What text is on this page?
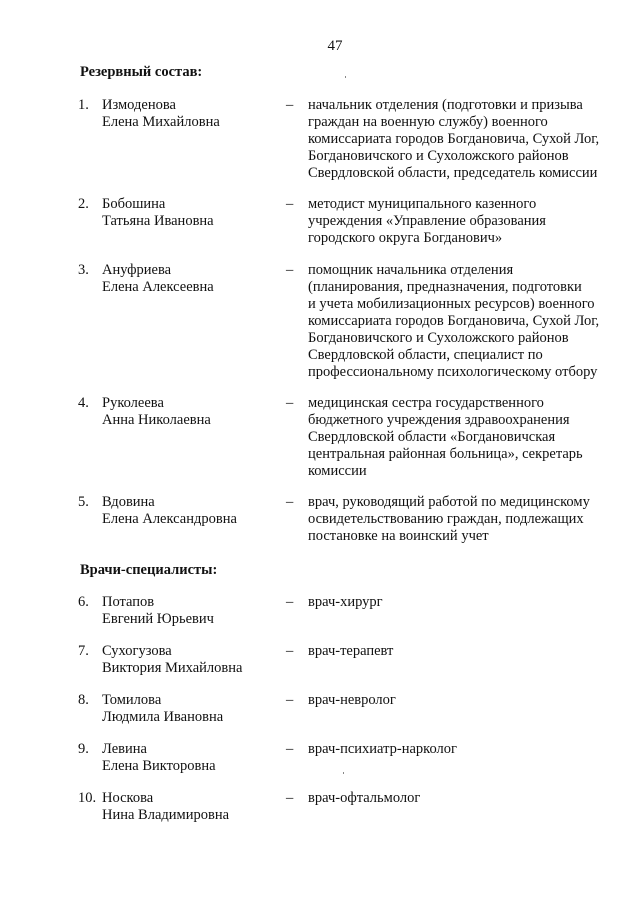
47
Резервный состав:
1. Измоденова
Елена Михайловна
– начальник отделения (подготовки и призыва
граждан на военную службу) военного
комиссариата городов Богдановича, Сухой Лог,
Богдановичского и Сухоложского районов
Свердловской области, председатель комиссии
2. Бобошина
Татьяна Ивановна
– методист муниципального казенного
учреждения «Управление образования
городского округа Богданович»
3. Ануфриева
Елена Алексеевна
– помощник начальника отделения
(планирования, предназначения, подготовки
и учета мобилизационных ресурсов) военного
комиссариата городов Богдановича, Сухой Лог,
Богдановичского и Сухоложского районов
Свердловской области, специалист по
профессиональному психологическому отбору
4. Руколеева
Анна Николаевна
– медицинская сестра государственного
бюджетного учреждения здравоохранения
Свердловской области «Богдановичская
центральная районная больница», секретарь
комиссии
5. Вдовина
Елена Александровна
– врач, руководящий работой по медицинскому
освидетельствованию граждан, подлежащих
постановке на воинский учет
Врачи-специалисты:
6. Потапов
Евгений Юрьевич
– врач-хирург
7. Сухогузова
Виктория Михайловна
– врач-терапевт
8. Томилова
Людмила Ивановна
– врач-невролог
9. Левина
Елена Викторовна
– врач-психиатр-нарколог
10. Носкова
Нина Владимировна
– врач-офтальмолог
